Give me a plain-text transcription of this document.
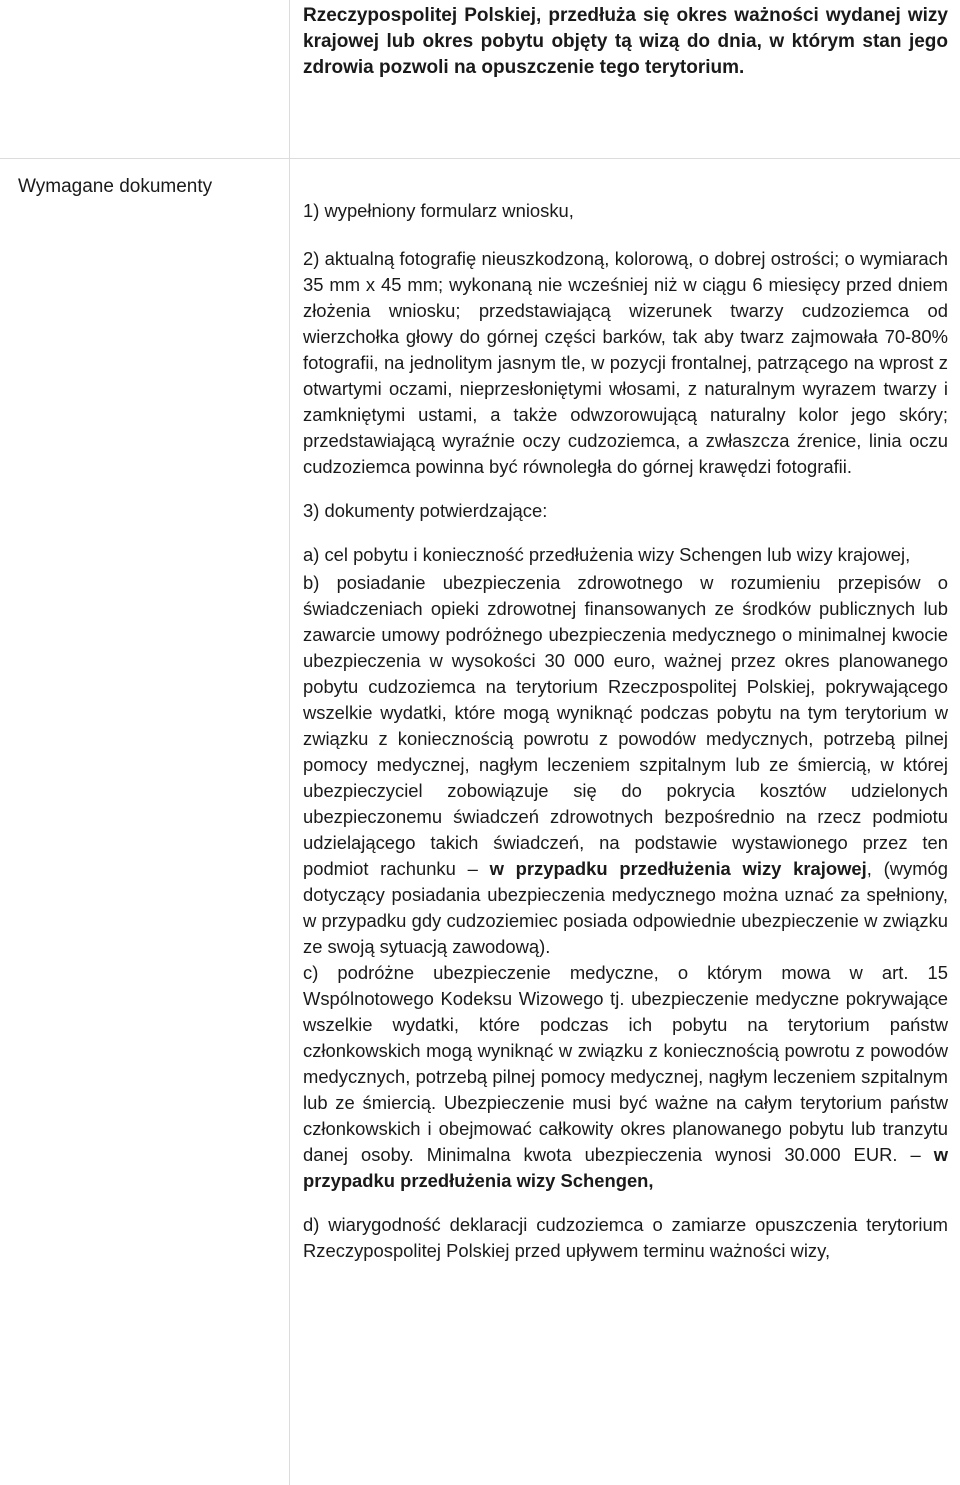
Rzeczypospolitej Polskiej, przedłuża się okres ważności wydanej wizy krajowej lub okres pobytu objęty tą wizą do dnia, w którym stan jego zdrowia pozwoli na opuszczenie tego terytorium.

Wymagane dokumenty

1) wypełniony formularz wniosku,

2) aktualną fotografię nieuszkodzoną, kolorową, o dobrej ostrości; o wymiarach 35 mm x 45 mm; wykonaną nie wcześniej niż w ciągu 6 miesięcy przed dniem złożenia wniosku; przedstawiającą wizerunek twarzy cudzoziemca od wierzchołka głowy do górnej części barków, tak aby twarz zajmowała 70-80% fotografii, na jednolitym jasnym tle, w pozycji frontalnej, patrzącego na wprost z otwartymi oczami, nieprzesłoniętymi włosami, z naturalnym wyrazem twarzy i zamkniętymi ustami, a także odwzorowującą naturalny kolor jego skóry; przedstawiającą wyraźnie oczy cudzoziemca, a zwłaszcza źrenice, linia oczu cudzoziemca powinna być równoległa do górnej krawędzi fotografii.

3) dokumenty potwierdzające:

a) cel pobytu i konieczność przedłużenia wizy Schengen lub wizy krajowej,

b) posiadanie ubezpieczenia zdrowotnego w rozumieniu przepisów o świadczeniach opieki zdrowotnej finansowanych ze środków publicznych lub zawarcie umowy podróżnego ubezpieczenia medycznego o minimalnej kwocie ubezpieczenia w wysokości 30 000 euro, ważnej przez okres planowanego pobytu cudzoziemca na terytorium Rzeczpospolitej Polskiej, pokrywającego wszelkie wydatki, które mogą wyniknąć podczas pobytu na tym terytorium w związku z koniecznością powrotu z powodów medycznych, potrzebą pilnej pomocy medycznej, nagłym leczeniem szpitalnym lub ze śmiercią, w której ubezpieczyciel zobowiązuje się do pokrycia kosztów udzielonych ubezpieczonemu świadczeń zdrowotnych bezpośrednio na rzecz podmiotu udzielającego takich świadczeń, na podstawie wystawionego przez ten podmiot rachunku – w przypadku przedłużenia wizy krajowej, (wymóg dotyczący posiadania ubezpieczenia medycznego można uznać za spełniony, w przypadku gdy cudzoziemiec posiada odpowiednie ubezpieczenie w związku ze swoją sytuacją zawodową).

c) podróżne ubezpieczenie medyczne, o którym mowa w art. 15 Wspólnotowego Kodeksu Wizowego tj. ubezpieczenie medyczne pokrywające wszelkie wydatki, które podczas ich pobytu na terytorium państw członkowskich mogą wyniknąć w związku z koniecznością powrotu z powodów medycznych, potrzebą pilnej pomocy medycznej, nagłym leczeniem szpitalnym lub ze śmiercią. Ubezpieczenie musi być ważne na całym terytorium państw członkowskich i obejmować całkowity okres planowanego pobytu lub tranzytu danej osoby. Minimalna kwota ubezpieczenia wynosi 30.000 EUR. – w przypadku przedłużenia wizy Schengen,

d) wiarygodność deklaracji cudzoziemca o zamiarze opuszczenia terytorium Rzeczypospolitej Polskiej przed upływem terminu ważności wizy,
